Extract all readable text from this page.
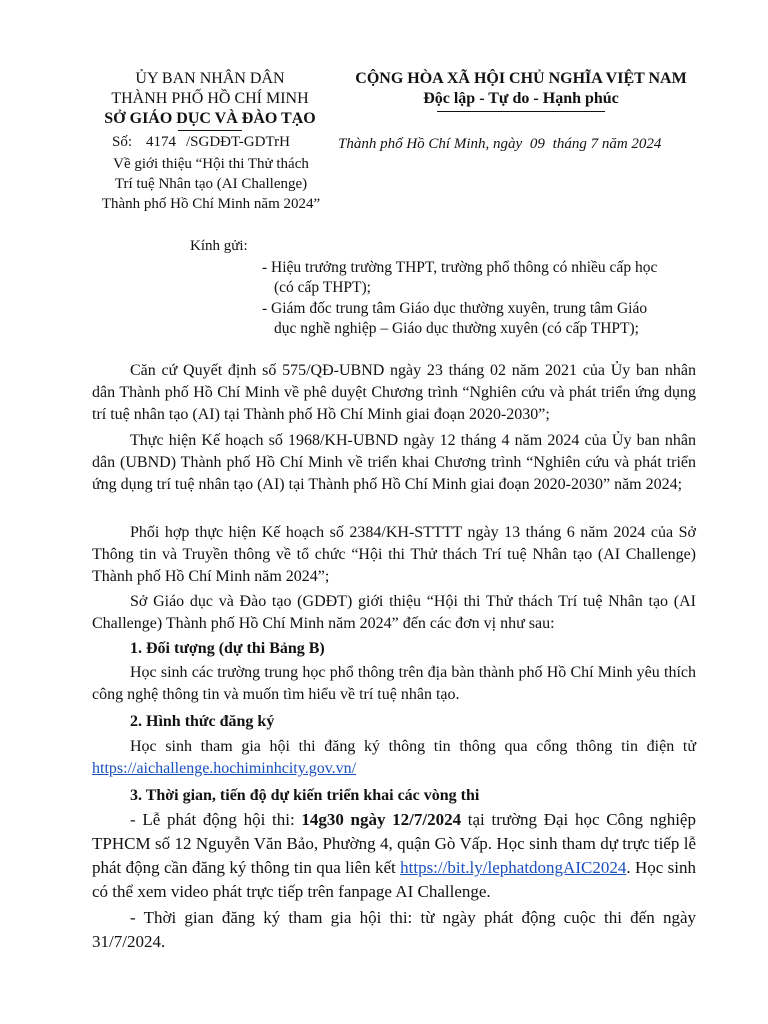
ỦY BAN NHÂN DÂN
THÀNH PHỐ HỒ CHÍ MINH
SỞ GIÁO DỤC VÀ ĐÀO TẠO
Số: 4174 /SGDĐT-GDTrH
Về giới thiệu “Hội thi Thử thách
Trí tuệ Nhân tạo (AI Challenge)
Thành phố Hồ Chí Minh năm 2024”
CỘNG HÒA XÃ HỘI CHỦ NGHĨA VIỆT NAM
Độc lập - Tự do - Hạnh phúc
Thành phố Hồ Chí Minh, ngày 09 tháng 7 năm 2024
Kính gửi:
- Hiệu trưởng trường THPT, trường phổ thông có nhiều cấp học
(có cấp THPT);
- Giám đốc trung tâm Giáo dục thường xuyên, trung tâm Giáo
dục nghề nghiệp – Giáo dục thường xuyên (có cấp THPT);
Căn cứ Quyết định số 575/QĐ-UBND ngày 23 tháng 02 năm 2021 của Ủy ban nhân dân Thành phố Hồ Chí Minh về phê duyệt Chương trình “Nghiên cứu và phát triển ứng dụng trí tuệ nhân tạo (AI) tại Thành phố Hồ Chí Minh giai đoạn 2020-2030”;
Thực hiện Kế hoạch số 1968/KH-UBND ngày 12 tháng 4 năm 2024 của Ủy ban nhân dân (UBND) Thành phố Hồ Chí Minh về triển khai Chương trình “Nghiên cứu và phát triển ứng dụng trí tuệ nhân tạo (AI) tại Thành phố Hồ Chí Minh giai đoạn 2020-2030” năm 2024;
Phối hợp thực hiện Kế hoạch số 2384/KH-STTTT ngày 13 tháng 6 năm 2024 của Sở Thông tin và Truyền thông về tổ chức “Hội thi Thử thách Trí tuệ Nhân tạo (AI Challenge) Thành phố Hồ Chí Minh năm 2024”;
Sở Giáo dục và Đào tạo (GDĐT) giới thiệu “Hội thi Thử thách Trí tuệ Nhân tạo (AI Challenge) Thành phố Hồ Chí Minh năm 2024” đến các đơn vị như sau:
1. Đối tượng (dự thi Bảng B)
Học sinh các trường trung học phổ thông trên địa bàn thành phố Hồ Chí Minh yêu thích công nghệ thông tin và muốn tìm hiểu về trí tuệ nhân tạo.
2. Hình thức đăng ký
Học sinh tham gia hội thi đăng ký thông tin thông qua cổng thông tin điện tử https://aichallenge.hochiminhcity.gov.vn/
3. Thời gian, tiến độ dự kiến triển khai các vòng thi
- Lễ phát động hội thi: 14g30 ngày 12/7/2024 tại trường Đại học Công nghiệp TPHCM số 12 Nguyễn Văn Bảo, Phường 4, quận Gò Vấp. Học sinh tham dự trực tiếp lễ phát động cần đăng ký thông tin qua liên kết https://bit.ly/lephatdongAIC2024. Học sinh có thể xem video phát trực tiếp trên fanpage AI Challenge.
- Thời gian đăng ký tham gia hội thi: từ ngày phát động cuộc thi đến ngày 31/7/2024.
